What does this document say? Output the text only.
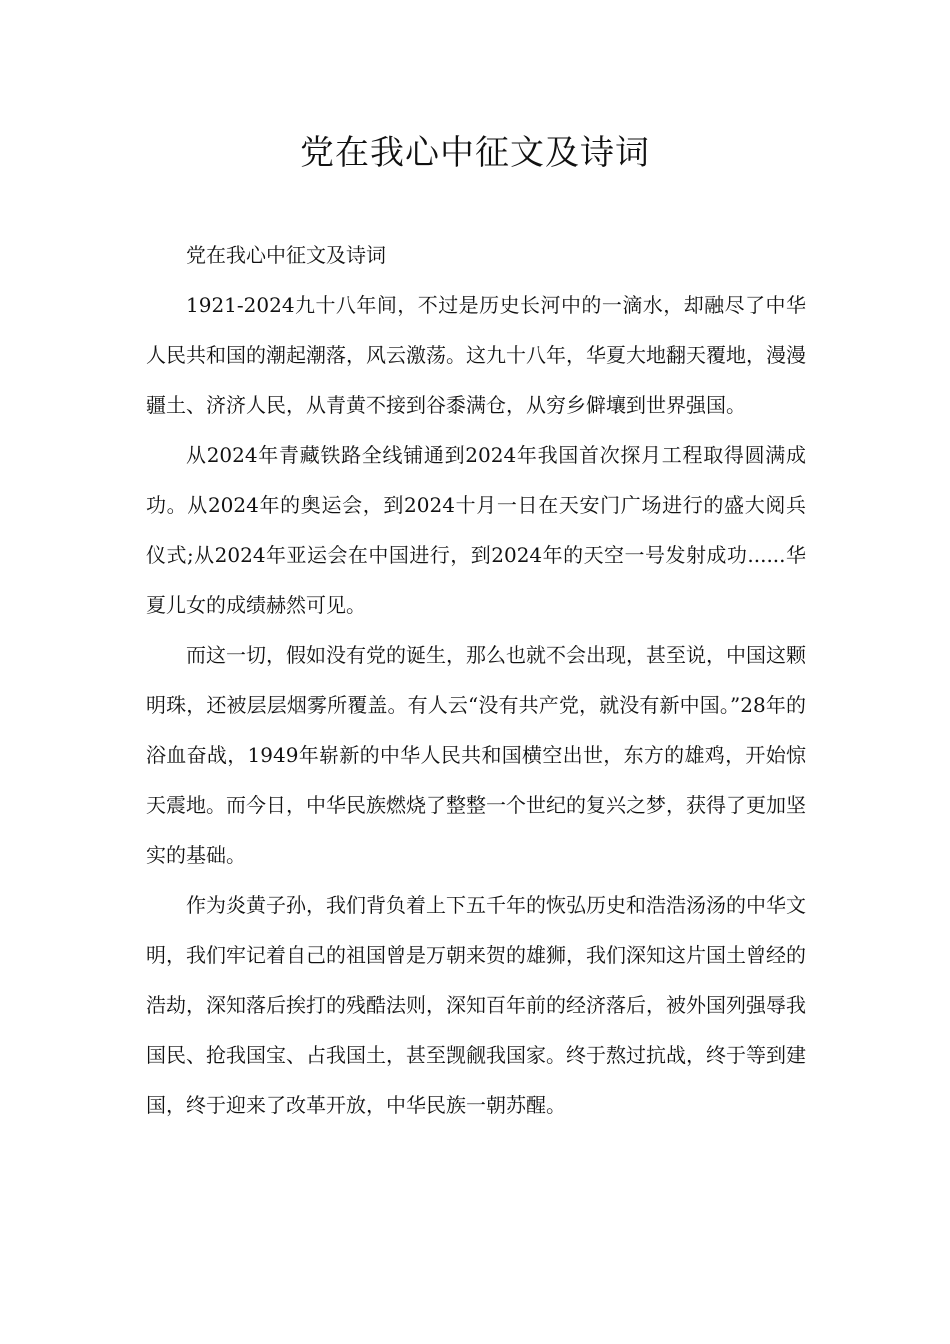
党在我心中征文及诗词

党在我心中征文及诗词

1921-2024九十八年间，不过是历史长河中的一滴水，却融尽了中华人民共和国的潮起潮落，风云激荡。这九十八年，华夏大地翻天覆地，漫漫疆土、济济人民，从青黄不接到谷黍满仓，从穷乡僻壤到世界强国。

从2024年青藏铁路全线铺通到2024年我国首次探月工程取得圆满成功。从2024年的奥运会，到2024十月一日在天安门广场进行的盛大阅兵仪式;从2024年亚运会在中国进行，到2024年的天空一号发射成功......华夏儿女的成绩赫然可见。

而这一切，假如没有党的诞生，那么也就不会出现，甚至说，中国这颗明珠，还被层层烟雾所覆盖。有人云“没有共产党，就没有新中国。”28年的浴血奋战，1949年崭新的中华人民共和国横空出世，东方的雄鸡，开始惊天震地。而今日，中华民族燃烧了整整一个世纪的复兴之梦，获得了更加坚实的基础。

作为炎黄子孙，我们背负着上下五千年的恢弘历史和浩浩汤汤的中华文明，我们牢记着自己的祖国曾是万朝来贺的雄狮，我们深知这片国土曾经的浩劫，深知落后挨打的残酷法则，深知百年前的经济落后，被外国列强辱我国民、抢我国宝、占我国土，甚至觊觎我国家。终于熬过抗战，终于等到建国，终于迎来了改革开放，中华民族一朝苏醒。
